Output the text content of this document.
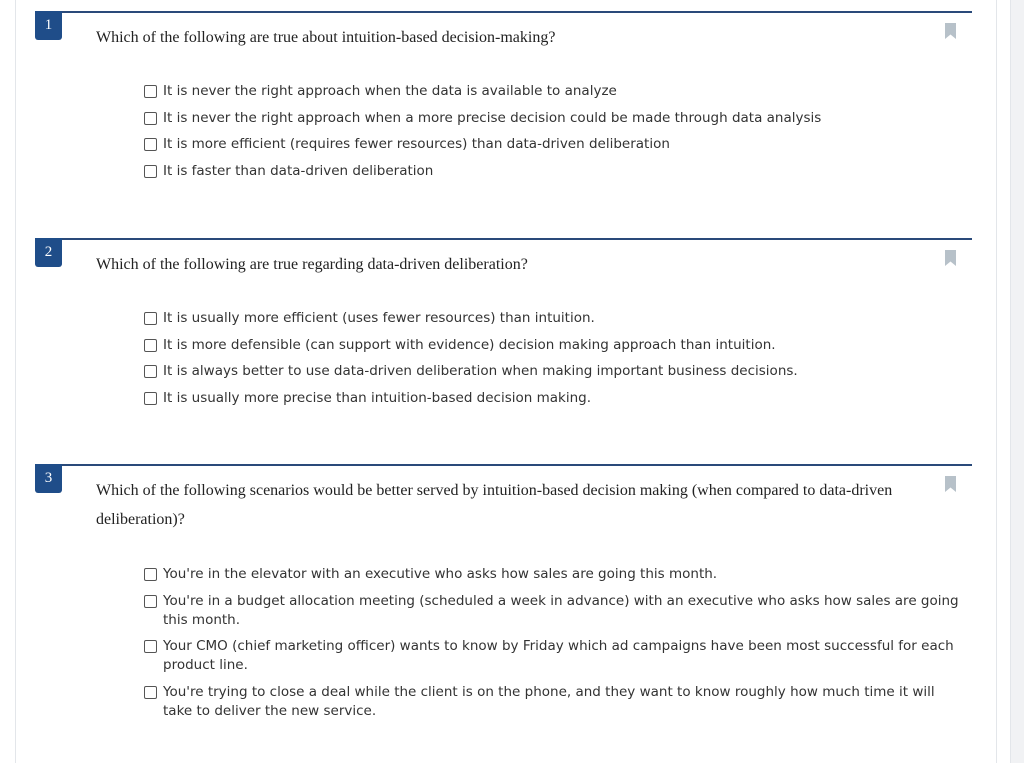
1
Which of the following are true about intuition-based decision-making?
It is never the right approach when the data is available to analyze
It is never the right approach when a more precise decision could be made through data analysis
It is more efficient (requires fewer resources) than data-driven deliberation
It is faster than data-driven deliberation
2
Which of the following are true regarding data-driven deliberation?
It is usually more efficient (uses fewer resources) than intuition.
It is more defensible (can support with evidence) decision making approach than intuition.
It is always better to use data-driven deliberation when making important business decisions.
It is usually more precise than intuition-based decision making.
3
Which of the following scenarios would be better served by intuition-based decision making (when compared to data-driven deliberation)?
You're in the elevator with an executive who asks how sales are going this month.
You're in a budget allocation meeting (scheduled a week in advance) with an executive who asks how sales are going this month.
Your CMO (chief marketing officer) wants to know by Friday which ad campaigns have been most successful for each product line.
You're trying to close a deal while the client is on the phone, and they want to know roughly how much time it will take to deliver the new service.
